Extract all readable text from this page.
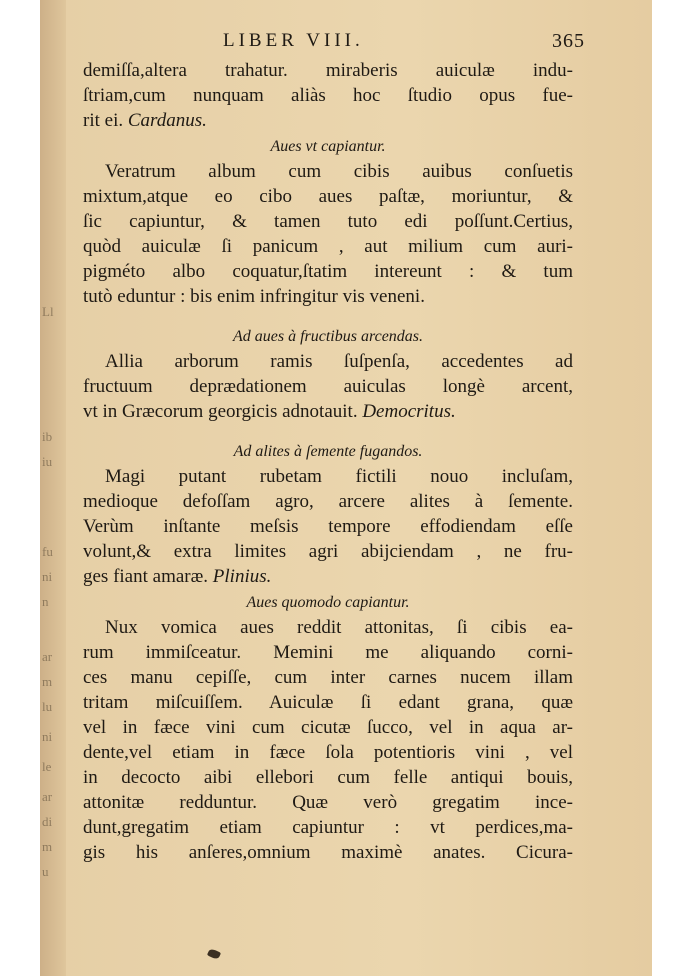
Ll
ib
iu
fu
ni
n
ar
m
lu
ni
le
ar
di
m
u
LIBER VIII.	365
demiſſa,altera trahatur. miraberis auiculæ indu-
ſtriam,cum nunquam aliàs hoc ſtudio opus fue-
rit ei. Cardanus.
Aues vt capiantur.
Veratrum album cum cibis auibus conſuetis
mixtum,atque eo cibo aues paſtæ, moriuntur, &
ſic capiuntur, & tamen tuto edi poſſunt.Certius,
quòd auiculæ ſi panicum , aut milium cum auri-
pigméto albo coquatur,ſtatim intereunt : & tum
tutò eduntur : bis enim infringitur vis veneni.
Ad aues à fructibus arcendas.
Allia arborum ramis ſuſpenſa, accedentes ad
fructuum deprædationem auiculas longè arcent,
vt in Græcorum georgicis adnotauit. Democritus.
Ad alites à ſemente fugandos.
Magi putant rubetam fictili nouo incluſam,
medioque defoſſam agro, arcere alites à ſemente.
Verùm inſtante meſsis tempore effodiendam eſſe
volunt,& extra limites agri abijciendam , ne fru-
ges fiant amaræ. Plinius.
Aues quomodo capiantur.
Nux vomica aues reddit attonitas, ſi cibis ea-
rum immiſceatur. Memini me aliquando corni-
ces manu cepiſſe, cum inter carnes nucem illam
tritam miſcuiſſem. Auiculæ ſi edant grana, quæ
vel in fæce vini cum cicutæ ſucco, vel in aqua ar-
dente,vel etiam in fæce ſola potentioris vini , vel
in decocto aibi ellebori cum felle antiqui bouis,
attonitæ redduntur. Quæ verò gregatim ince-
dunt,gregatim etiam capiuntur : vt perdices,ma-
gis his anſeres,omnium maximè anates. Cicura-
